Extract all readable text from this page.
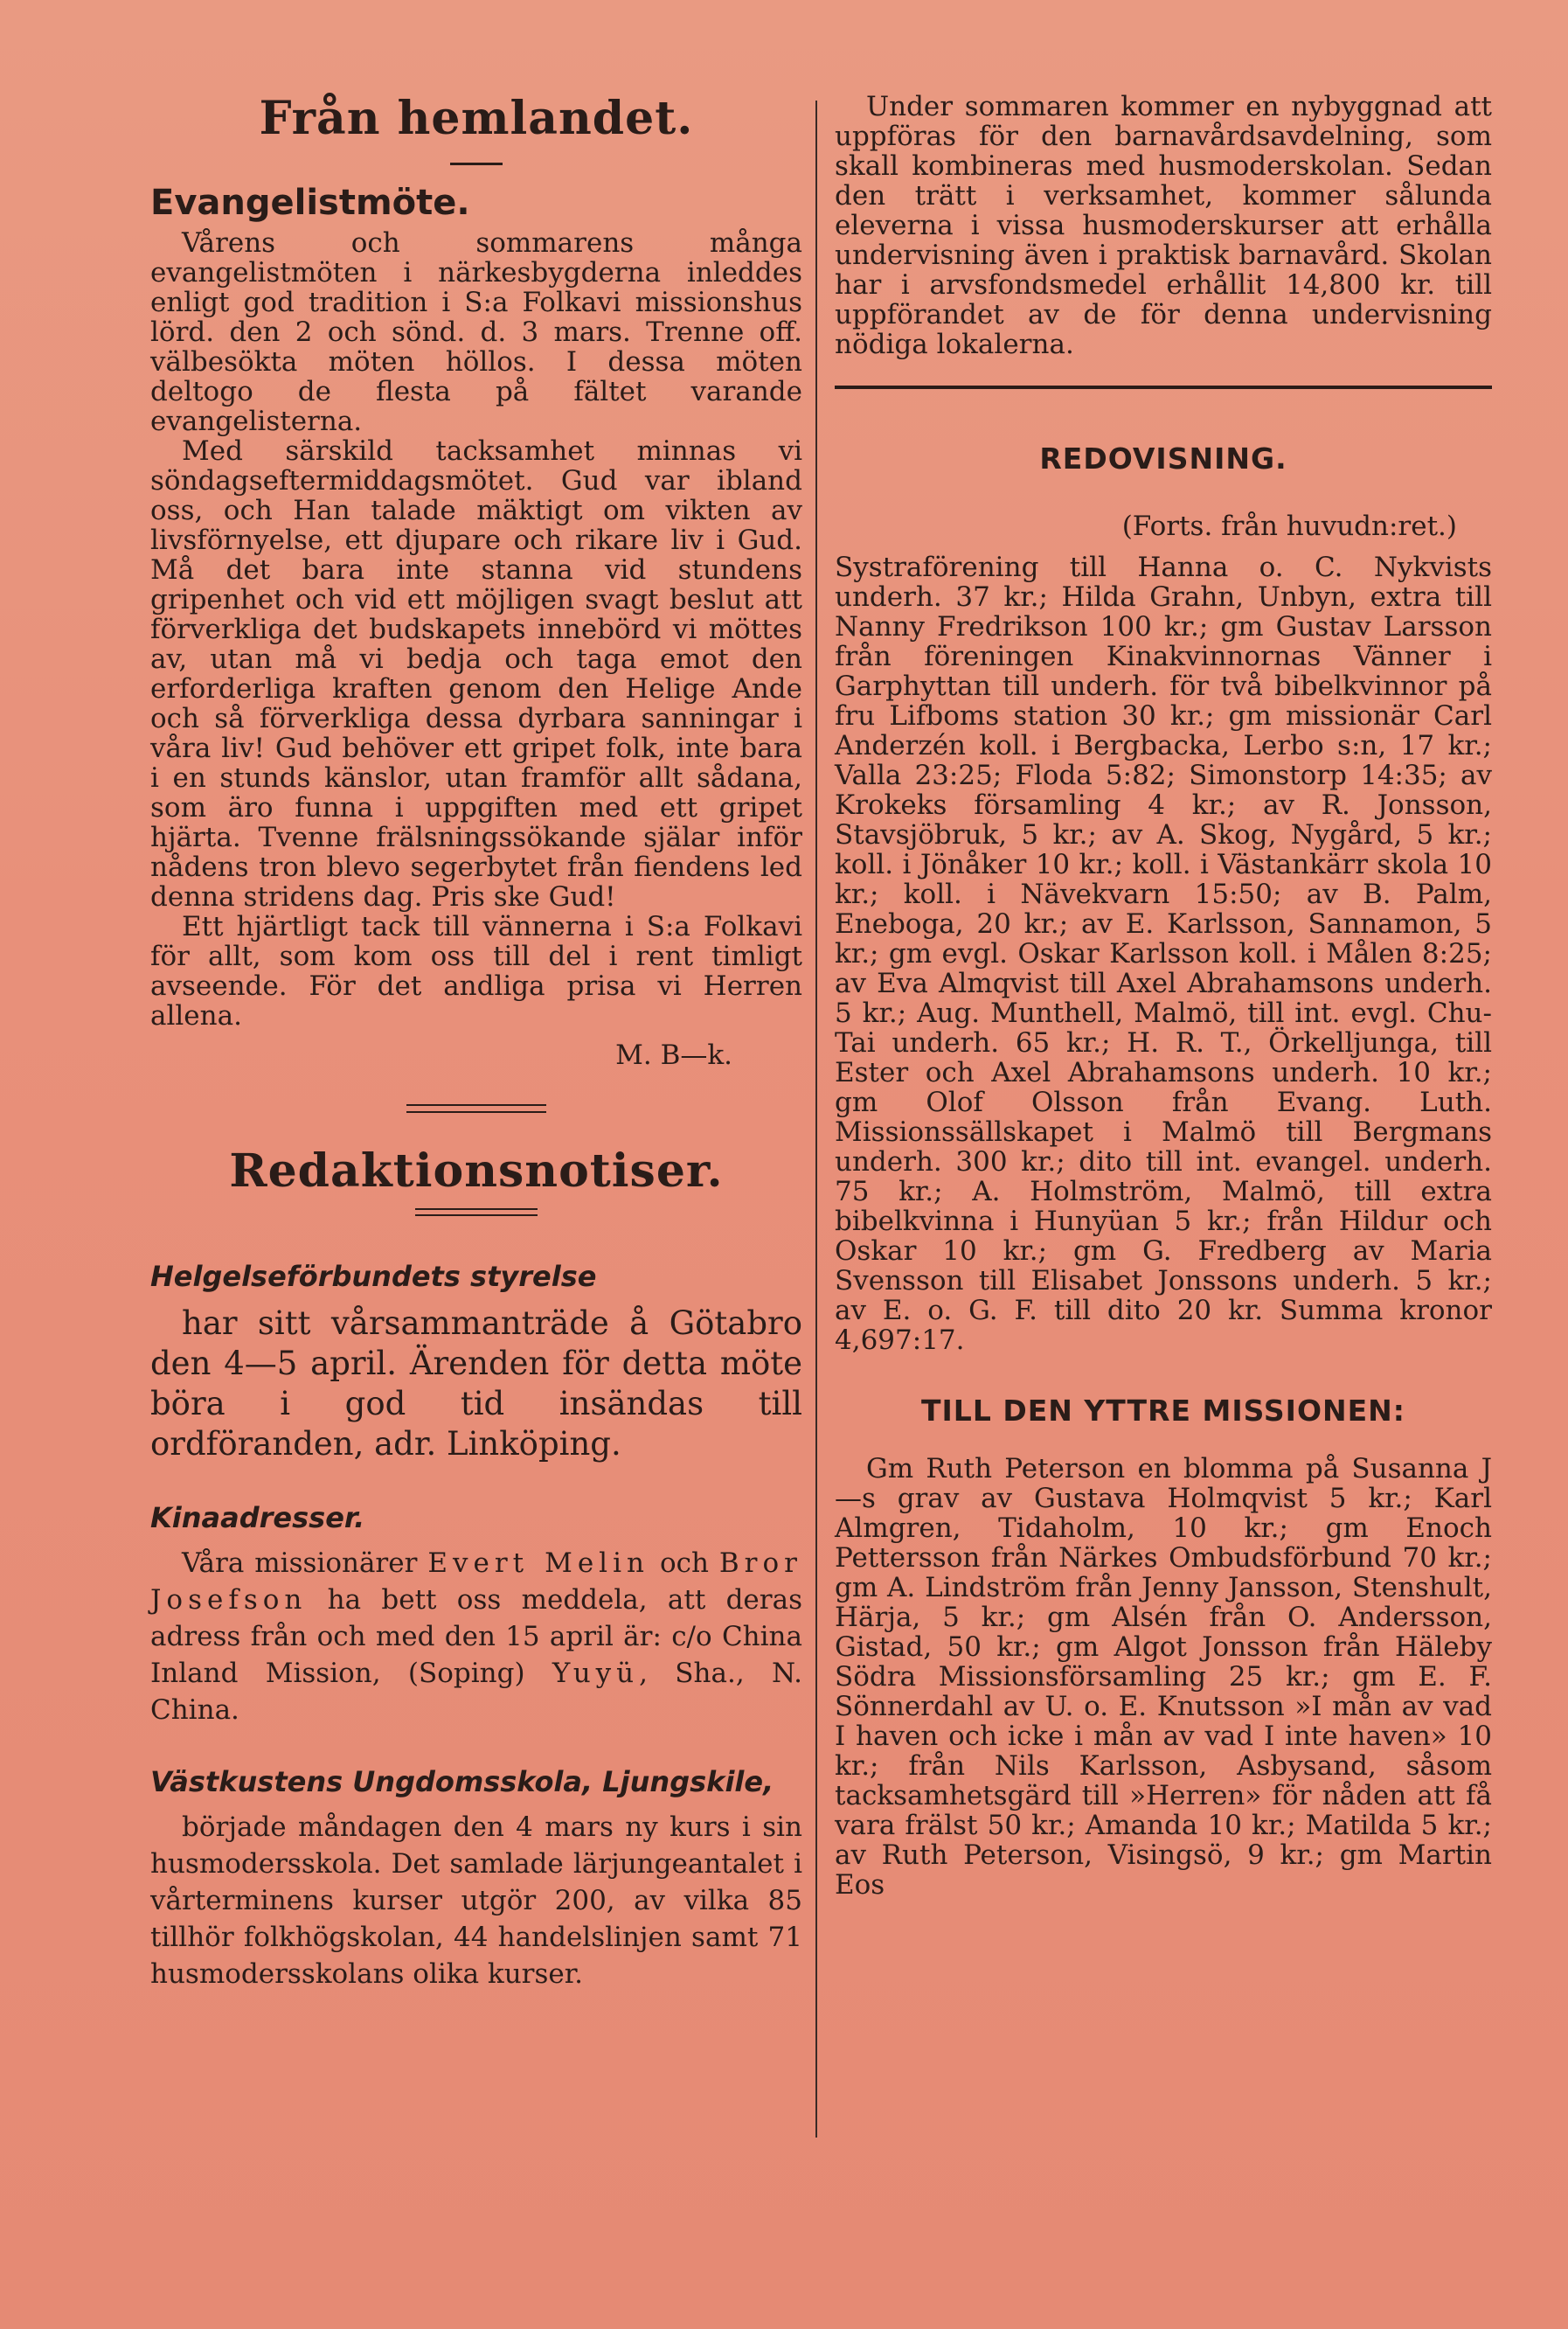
Från hemlandet.
Evangelistmöte.

Vårens och sommarens många evangelistmöten i närkesbygderna inleddes enligt god tradition i S:a Folkavi missionshus lörd. den 2 och sönd. d. 3 mars. Trenne off. välbesökta möten höllos. I dessa möten deltogo de flesta på fältet varande evangelisterna.

Med särskild tacksamhet minnas vi söndagseftermiddagsmötet. Gud var ibland oss, och Han talade mäktigt om vikten av livsförnyelse, ett djupare och rikare liv i Gud. Må det bara inte stanna vid stundens gripenhet och vid ett möjligen svagt beslut att förverkliga det budskapets innebörd vi möttes av, utan må vi bedja och taga emot den erforderliga kraften genom den Helige Ande och så förverkliga dessa dyrbara sanningar i våra liv! Gud behöver ett gripet folk, inte bara i en stunds känslor, utan framför allt sådana, som äro funna i uppgiften med ett gripet hjärta. Tvenne frälsningssökande själar inför nådens tron blevo segerbytet från fiendens led denna stridens dag. Pris ske Gud!

Ett hjärtligt tack till vännerna i S:a Folkavi för allt, som kom oss till del i rent timligt avseende. För det andliga prisa vi Herren allena.

M. B—k.

Redaktionsnotiser.
Helgelseförbundets styrelse

har sitt vårsammanträde å Götabro den 4—5 april. Ärenden för detta möte böra i god tid insändas till ordföranden, adr. Linköping.

Kinaadresser.

Våra missionärer Evert Melin och Bror Josefson ha bett oss meddela, att deras adress från och med den 15 april är: c/o China Inland Mission, (Soping) Yuyü, Sha., N. China.

Västkustens Ungdomsskola, Ljungskile,

började måndagen den 4 mars ny kurs i sin husmodersskola. Det samlade lärjungeantalet i vårterminens kurser utgör 200, av vilka 85 tillhör folkhögskolan, 44 handelslinjen samt 71 husmodersskolans olika kurser.

Under sommaren kommer en nybyggnad att uppföras för den barnavårdsavdelning, som skall kombineras med husmoderskolan. Sedan den trätt i verksamhet, kommer sålunda eleverna i vissa husmoderskurser att erhålla undervisning även i praktisk barnavård. Skolan har i arvsfondsmedel erhållit 14,800 kr. till uppförandet av de för denna undervisning nödiga lokalerna.

REDOVISNING.

(Forts. från huvudn:ret.)

Systraförening till Hanna o. C. Nykvists underh. 37 kr.; Hilda Grahn, Unbyn, extra till Nanny Fredrikson 100 kr.; gm Gustav Larsson från föreningen Kinakvinnornas Vänner i Garphyttan till underh. för två bibelkvinnor på fru Lifboms station 30 kr.; gm missionär Carl Anderzén koll. i Bergbacka, Lerbo s:n, 17 kr.; Valla 23:25; Floda 5:82; Simonstorp 14:35; av Krokeks församling 4 kr.; av R. Jonsson, Stavsjöbruk, 5 kr.; av A. Skog, Nygård, 5 kr.; koll. i Jönåker 10 kr.; koll. i Västankärr skola 10 kr.; koll. i Nävekvarn 15:50; av B. Palm, Eneboga, 20 kr.; av E. Karlsson, Sannamon, 5 kr.; gm evgl. Oskar Karlsson koll. i Målen 8:25; av Eva Almqvist till Axel Abrahamsons underh. 5 kr.; Aug. Munthell, Malmö, till int. evgl. Chu-Tai underh. 65 kr.; H. R. T., Örkelljunga, till Ester och Axel Abrahamsons underh. 10 kr.; gm Olof Olsson från Evang. Luth. Missionssällskapet i Malmö till Bergmans underh. 300 kr.; dito till int. evangel. underh. 75 kr.; A. Holmström, Malmö, till extra bibelkvinna i Hunyüan 5 kr.; från Hildur och Oskar 10 kr.; gm G. Fredberg av Maria Svensson till Elisabet Jonssons underh. 5 kr.; av E. o. G. F. till dito 20 kr. Summa kronor 4,697:17.

TILL DEN YTTRE MISSIONEN:

Gm Ruth Peterson en blomma på Susanna J—s grav av Gustava Holmqvist 5 kr.; Karl Almgren, Tidaholm, 10 kr.; gm Enoch Pettersson från Närkes Ombudsförbund 70 kr.; gm A. Lindström från Jenny Jansson, Stenshult, Härja, 5 kr.; gm Alsén från O. Andersson, Gistad, 50 kr.; gm Algot Jonsson från Häleby Södra Missionsförsamling 25 kr.; gm E. F. Sönnerdahl av U. o. E. Knutsson »I mån av vad I haven och icke i mån av vad I inte haven» 10 kr.; från Nils Karlsson, Asbysand, såsom tacksamhetsgärd till »Herren» för nåden att få vara frälst 50 kr.; Amanda 10 kr.; Matilda 5 kr.; av Ruth Peterson, Visingsö, 9 kr.; gm Martin Eos
